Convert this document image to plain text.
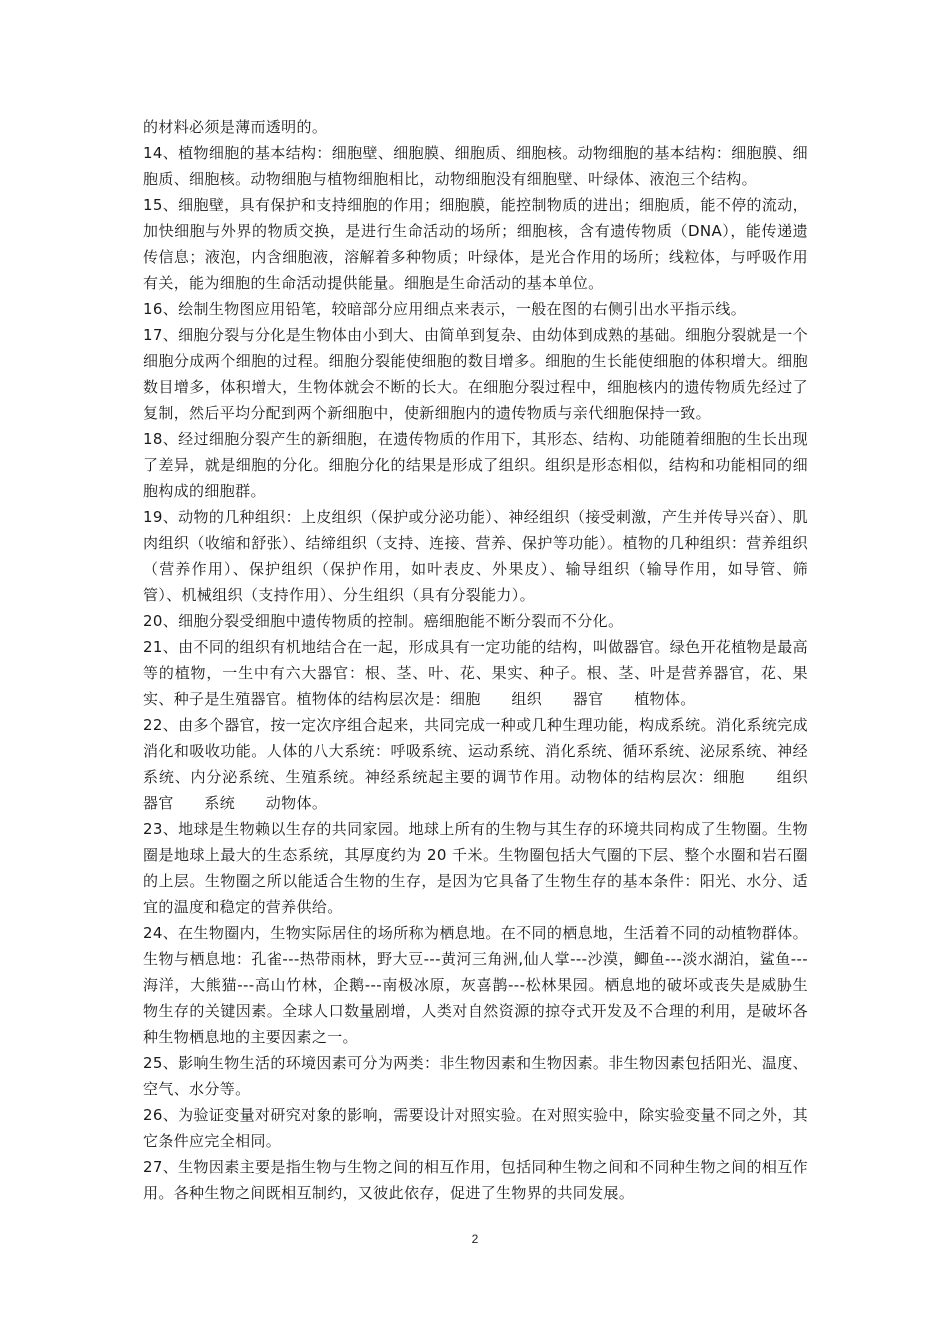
的材料必须是薄而透明的。

14、植物细胞的基本结构：细胞壁、细胞膜、细胞质、细胞核。动物细胞的基本结构：细胞膜、细胞质、细胞核。动物细胞与植物细胞相比，动物细胞没有细胞壁、叶绿体、液泡三个结构。

15、细胞壁，具有保护和支持细胞的作用；细胞膜，能控制物质的进出；细胞质，能不停的流动，加快细胞与外界的物质交换，是进行生命活动的场所；细胞核，含有遗传物质（DNA），能传递遗传信息；液泡，内含细胞液，溶解着多种物质；叶绿体，是光合作用的场所；线粒体，与呼吸作用有关，能为细胞的生命活动提供能量。细胞是生命活动的基本单位。

16、绘制生物图应用铅笔，较暗部分应用细点来表示，一般在图的右侧引出水平指示线。

17、细胞分裂与分化是生物体由小到大、由简单到复杂、由幼体到成熟的基础。细胞分裂就是一个细胞分成两个细胞的过程。细胞分裂能使细胞的数目增多。细胞的生长能使细胞的体积增大。细胞数目增多，体积增大，生物体就会不断的长大。在细胞分裂过程中，细胞核内的遗传物质先经过了复制，然后平均分配到两个新细胞中，使新细胞内的遗传物质与亲代细胞保持一致。

18、经过细胞分裂产生的新细胞，在遗传物质的作用下，其形态、结构、功能随着细胞的生长出现了差异，就是细胞的分化。细胞分化的结果是形成了组织。组织是形态相似，结构和功能相同的细胞构成的细胞群。

19、动物的几种组织：上皮组织（保护或分泌功能）、神经组织（接受刺激，产生并传导兴奋）、肌肉组织（收缩和舒张）、结缔组织（支持、连接、营养、保护等功能）。植物的几种组织：营养组织（营养作用）、保护组织（保护作用，如叶表皮、外果皮）、输导组织（输导作用，如导管、筛管）、机械组织（支持作用）、分生组织（具有分裂能力）。

20、细胞分裂受细胞中遗传物质的控制。癌细胞能不断分裂而不分化。

21、由不同的组织有机地结合在一起，形成具有一定功能的结构，叫做器官。绿色开花植物是最高等的植物，一生中有六大器官：根、茎、叶、花、果实、种子。根、茎、叶是营养器官，花、果实、种子是生殖器官。植物体的结构层次是：细胞　　组织　　器官　　植物体。

22、由多个器官，按一定次序组合起来，共同完成一种或几种生理功能，构成系统。消化系统完成消化和吸收功能。人体的八大系统：呼吸系统、运动系统、消化系统、循环系统、泌尿系统、神经系统、内分泌系统、生殖系统。神经系统起主要的调节作用。动物体的结构层次：细胞　　组织　　器官　　系统　　动物体。

23、地球是生物赖以生存的共同家园。地球上所有的生物与其生存的环境共同构成了生物圈。生物圈是地球上最大的生态系统，其厚度约为 20 千米。生物圈包括大气圈的下层、整个水圈和岩石圈的上层。生物圈之所以能适合生物的生存，是因为它具备了生物生存的基本条件：阳光、水分、适宜的温度和稳定的营养供给。

24、在生物圈内，生物实际居住的场所称为栖息地。在不同的栖息地，生活着不同的动植物群体。生物与栖息地：孔雀---热带雨林，野大豆---黄河三角洲,仙人掌---沙漠，鲫鱼---淡水湖泊，鲨鱼---海洋，大熊猫---高山竹林，企鹅---南极冰原，灰喜鹊---松林果园。栖息地的破坏或丧失是威胁生物生存的关键因素。全球人口数量剧增，人类对自然资源的掠夺式开发及不合理的利用，是破坏各种生物栖息地的主要因素之一。

25、影响生物生活的环境因素可分为两类：非生物因素和生物因素。非生物因素包括阳光、温度、空气、水分等。

26、为验证变量对研究对象的影响，需要设计对照实验。在对照实验中，除实验变量不同之外，其它条件应完全相同。

27、生物因素主要是指生物与生物之间的相互作用，包括同种生物之间和不同种生物之间的相互作用。各种生物之间既相互制约，又彼此依存，促进了生物界的共同发展。

2
